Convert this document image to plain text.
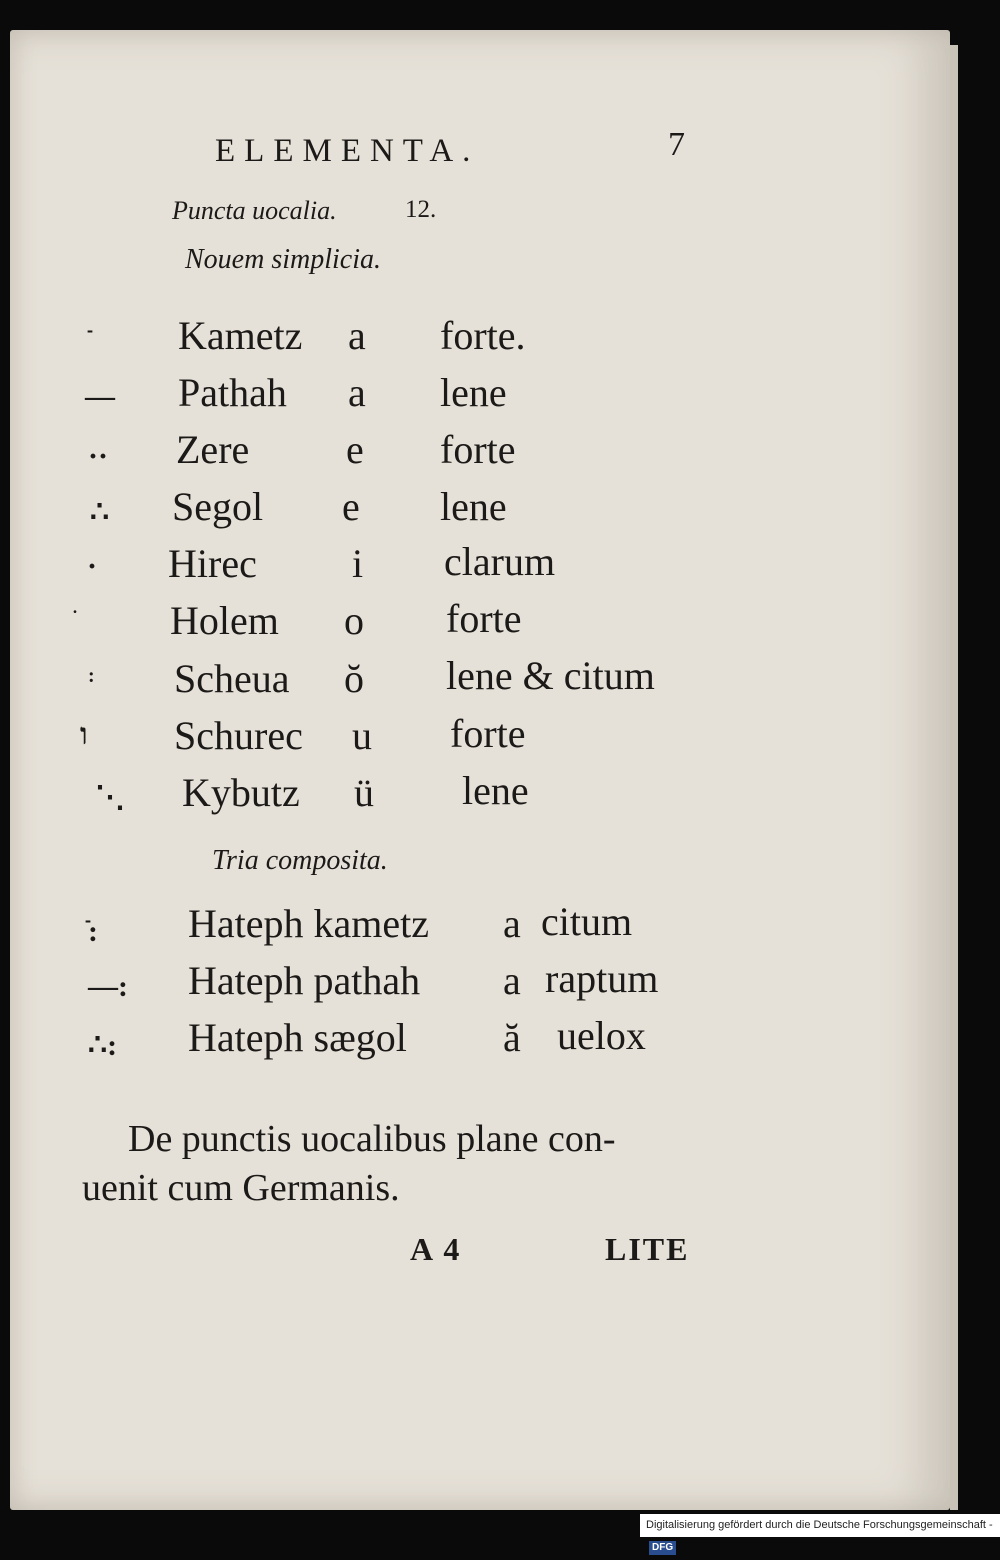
ELEMENTA.	7
Puncta uocalia.	12.
Nouem simplicia.
Kametz a forte.
— Pathah a lene
·· Zere e forte
∴ Segol e lene
· Hirec i clarum
Holem o forte
: Scheua ŏ lene & citum
ו Schurec u forte
⋱ Kybutz ü lene
Tria composita.
ֿ: Hateph kametz a citum
—: Hateph pathah a raptum
∴: Hateph sægol ă uelox
De punctis uocalibus plane con-
uenit cum Germanis.
A 4	LITE
Digitalisierung gefördert durch die Deutsche Forschungsgemeinschaft -DFG
